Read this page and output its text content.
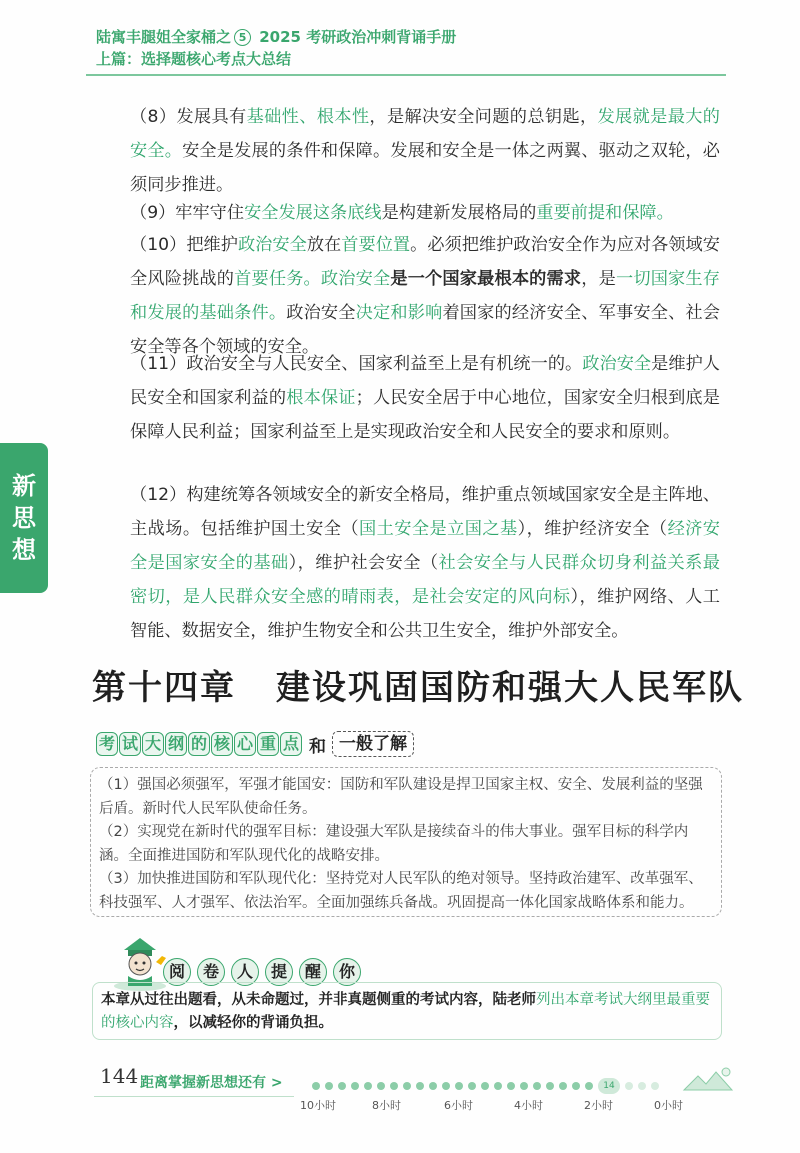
陆寓丰腿姐全家桶之 5 2025 考研政治冲刺背诵手册
上篇：选择题核心考点大总结
新
思
想
（8）发展具有基础性、根本性，是解决安全问题的总钥匙，发展就是最大的安全。安全是发展的条件和保障。发展和安全是一体之两翼、驱动之双轮，必须同步推进。
（9）牢牢守住安全发展这条底线是构建新发展格局的重要前提和保障。
（10）把维护政治安全放在首要位置。必须把维护政治安全作为应对各领域安全风险挑战的首要任务。政治安全是一个国家最根本的需求，是一切国家生存和发展的基础条件。政治安全决定和影响着国家的经济安全、军事安全、社会安全等各个领域的安全。
（11）政治安全与人民安全、国家利益至上是有机统一的。政治安全是维护人民安全和国家利益的根本保证；人民安全居于中心地位，国家安全归根到底是保障人民利益；国家利益至上是实现政治安全和人民安全的要求和原则。
（12）构建统筹各领域安全的新安全格局，维护重点领域国家安全是主阵地、主战场。包括维护国土安全（国土安全是立国之基），维护经济安全（经济安全是国家安全的基础），维护社会安全（社会安全与人民群众切身利益关系最密切，是人民群众安全感的晴雨表，是社会安定的风向标），维护网络、人工智能、数据安全，维护生物安全和公共卫生安全，维护外部安全。
第十四章 建设巩固国防和强大人民军队
考 试 大 纲 的 核 心 重 点 和 一般了解

（1）强国必须强军，军强才能国安：国防和军队建设是捍卫国家主权、安全、发展利益的坚强后盾。新时代人民军队使命任务。

（2）实现党在新时代的强军目标：建设强大军队是接续奋斗的伟大事业。强军目标的科学内涵。全面推进国防和军队现代化的战略安排。

（3）加快推进国防和军队现代化：坚持党对人民军队的绝对领导。坚持政治建军、改革强军、科技强军、人才强军、依法治军。全面加强练兵备战。巩固提高一体化国家战略体系和能力。

阅	卷	人	提	醒	你
本章从过往出题看，从未命题过，并非真题侧重的考试内容，陆老师列出本章考试大纲里最重要的核心内容，以减轻你的背诵负担。
144 距离掌握新思想还有 >	14
10小时	8小时	6小时	4小时	2小时	0小时
